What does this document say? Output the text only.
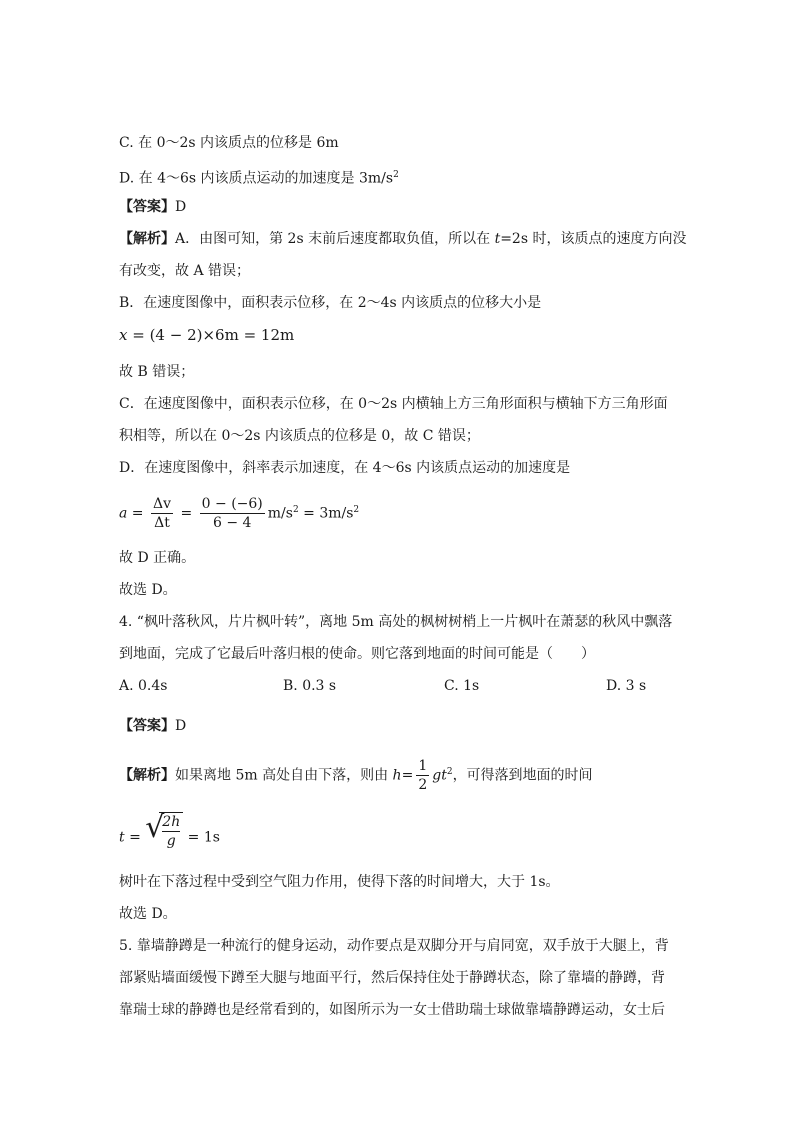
C. 在 0～2s 内该质点的位移是 6m
D. 在 4～6s 内该质点运动的加速度是 $3m/s^2$
【答案】D
【解析】A．由图可知，第 2s 末前后速度都取负值，所以在 t=2s 时，该质点的速度方向没
有改变，故 A 错误；
B．在速度图像中，面积表示位移，在 2～4s 内该质点的位移大小是
x = (4 − 2)×6m = 12m
故 B 错误；
C．在速度图像中，面积表示位移，在 0～2s 内横轴上方三角形面积与横轴下方三角形面
积相等，所以在 0～2s 内该质点的位移是 0，故 C 错误；
D．在速度图像中，斜率表示加速度，在 4～6s 内该质点运动的加速度是
$a = \frac{\Delta v}{\Delta t} = \frac{0 - (-6)}{6 - 4} m/s^2 = 3m/s^2$
故 D 正确。
故选 D。
4. “枫叶落秋风，片片枫叶转”，离地 5m 高处的枫树树梢上一片枫叶在萧瑟的秋风中飘落
到地面，完成了它最后叶落归根的使命。则它落到地面的时间可能是（　　）
A. 0.4s	B. 0.3 s	C. 1s	D. 3 s
【答案】D
【解析】如果离地 5m 高处自由下落，则由 $h= \frac{1}{2} gt^2$，可得落到地面的时间
t = √
$\frac{2h}{g} = 1s$
树叶在下落过程中受到空气阻力作用，使得下落的时间增大，大于 1s。
故选 D。
5. 靠墙静蹲是一种流行的健身运动，动作要点是双脚分开与肩同宽，双手放于大腿上，背
部紧贴墙面缓慢下蹲至大腿与地面平行，然后保持住处于静蹲状态，除了靠墙的静蹲，背
靠瑞士球的静蹲也是经常看到的，如图所示为一女士借助瑞士球做靠墙静蹲运动，女士后
